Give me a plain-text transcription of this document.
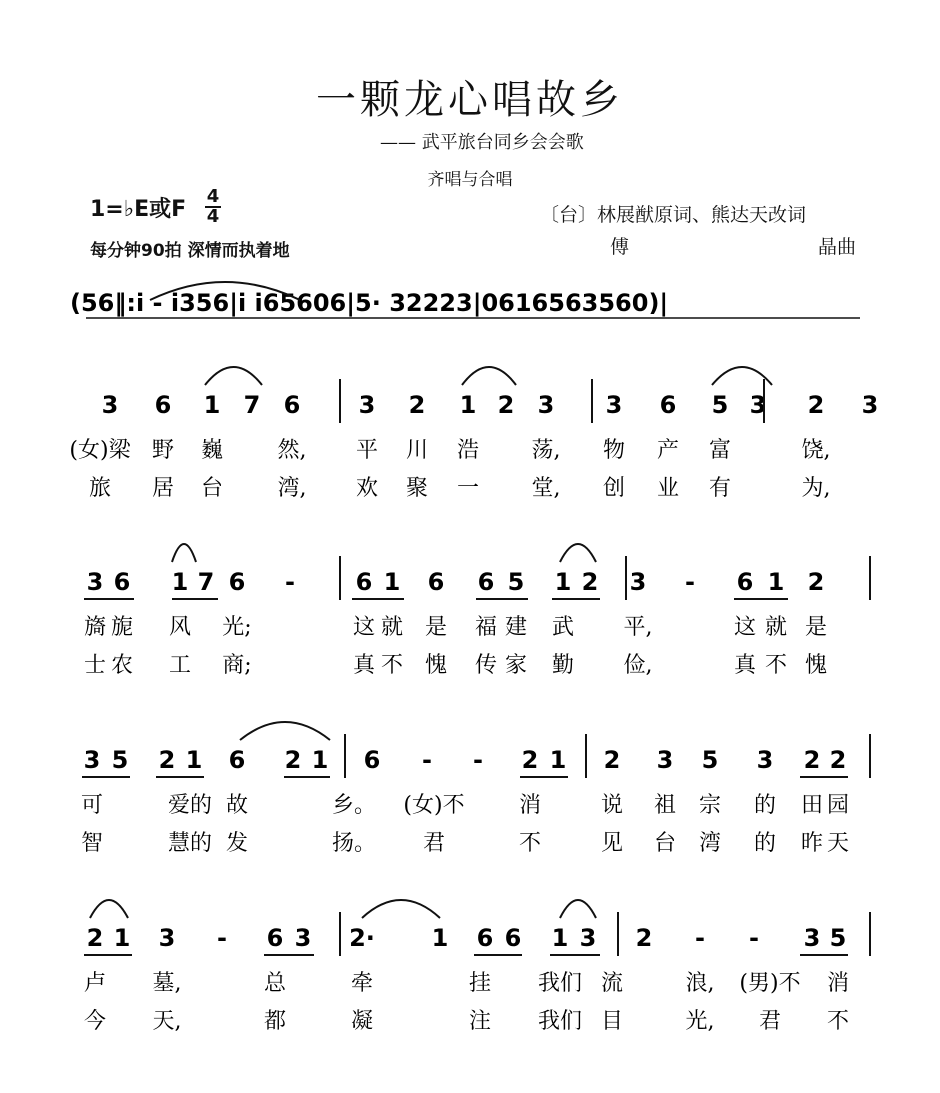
一颗龙心唱故乡
—— 武平旅台同乡会会歌
齐唱与合唱
1=♭E或F
4
4
每分钟90拍 深情而执着地
〔台〕林展猷原词、熊达天改词
傅	晶曲
(56‖:i̇ - i̇356|i̇ i̇65606|5· 32223|0616563560)|
3 6 1 7 6 3 2 1 2 3 3 6 5 3 2 3
(女)梁 野 巍 然, 平 川 浩 荡, 物 产 富	饶,
旅 居 台 湾, 欢 聚 一 堂, 创 业 有	为,
3 6 1 7 6 -	6 1 6 6 5 1 2 3 - 6 1 2
旖 旎 风 光;	这 就 是 福 建 武 平,	这 就 是
士 农 工 商;	真 不 愧 传 家 勤 俭,	真 不 愧
3 5 2 1 6 2 1 6 - - 2 1 2 3 5 3 2 2
可	爱的 故	乡。 (女)不 消	说 祖 宗 的 田 园
智	慧的 发	扬。 君	不	见 台 湾 的 昨 天
2 1 3 - 6 3 2· 1 6 6 1 3 2 - - 3 5
卢 墓,	总	牵	挂 我们 流	浪, (男)不 消
今 天,	都	凝	注 我们 目	光, 君 不
